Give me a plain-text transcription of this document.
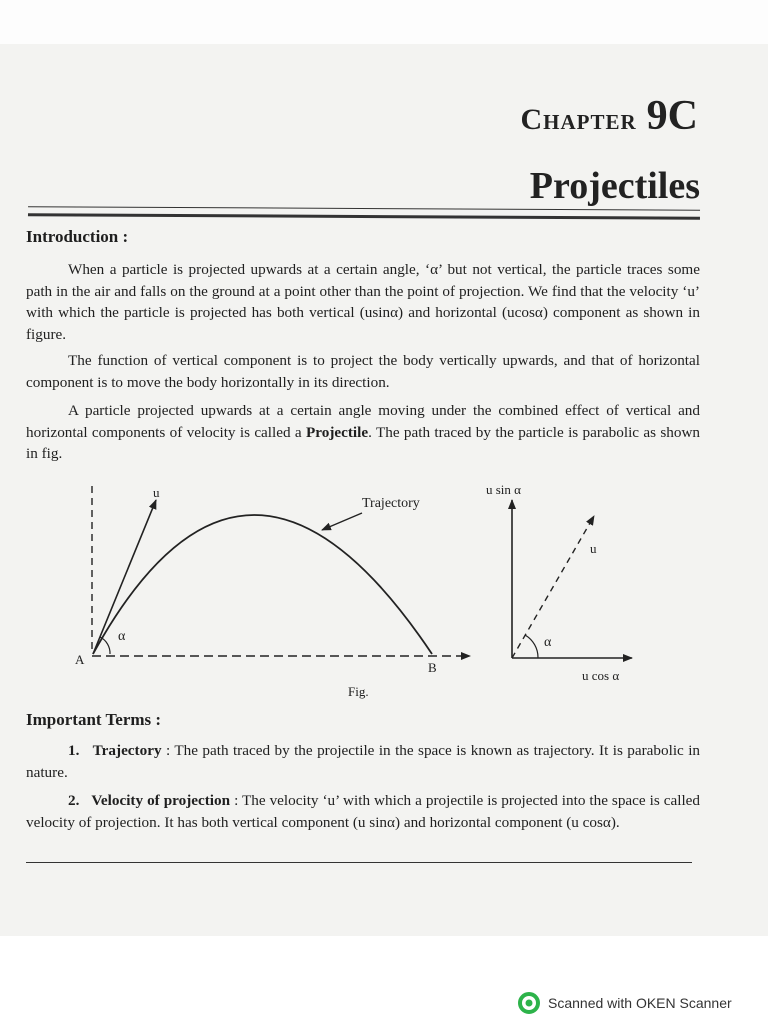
Chapter 9C
Projectiles
Introduction :
When a particle is projected upwards at a certain angle, ‘α’ but not vertical, the particle traces some path in the air and falls on the ground at a point other than the point of projection. We find that the velocity ‘u’ with which the particle is projected has both vertical (usinα) and horizontal (ucosα) component as shown in figure.
The function of vertical component is to project the body vertically upwards, and that of horizontal component is to move the body horizontally in its direction.
A particle projected upwards at a certain angle moving under the combined effect of vertical and horizontal components of velocity is called a Projectile. The path traced by the particle is parabolic as shown in fig.
u
Trajectory
α
A
B
u sin α
u
α
u cos α
Fig.
Important Terms :
1. Trajectory : The path traced by the projectile in the space is known as trajectory. It is parabolic in nature.
2. Velocity of projection : The velocity ‘u’ with which a projectile is projected into the space is called velocity of projection. It has both vertical component (u sinα) and horizontal component (u cosα).
Scanned with OKEN Scanner
